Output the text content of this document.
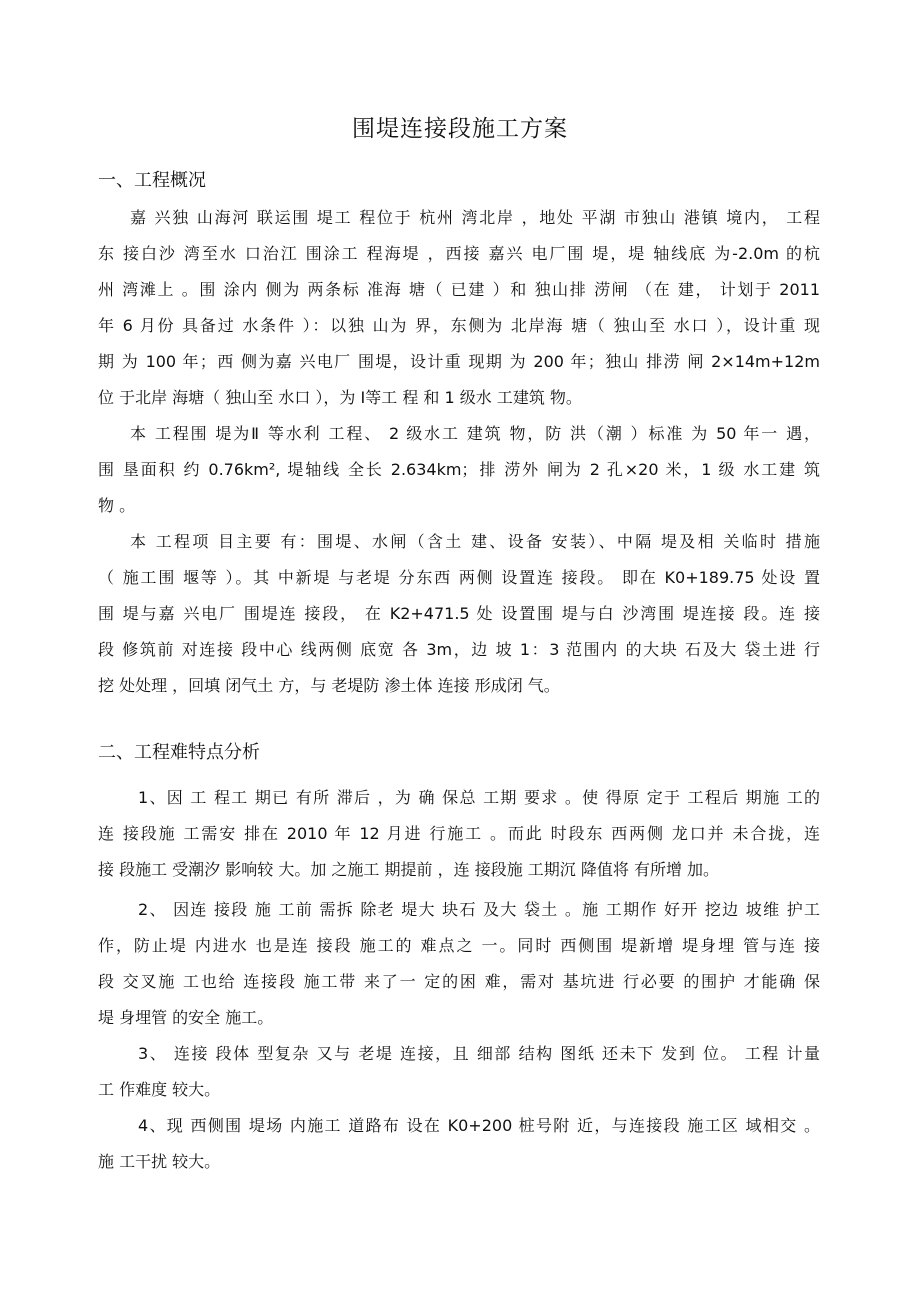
围堤连接段施工方案
一、工程概况
嘉 兴独 山海河 联运围 堤工 程位于 杭州 湾北岸 ，地处 平湖 市独山 港镇 境内， 工程
东 接白沙 湾至水 口治江 围涂工 程海堤 ，西接 嘉兴 电厂围 堤，堤 轴线底 为-2.0m 的杭
州 湾滩上 。围 涂内 侧为 两条标 准海 塘（ 已建 ）和 独山排 涝闸 （在 建， 计划于 2011
年 6 月份 具备过 水条件 ）：以独 山为 界，东侧为 北岸海 塘（ 独山至 水口 ），设计重 现
期 为 100 年；西 侧为嘉 兴电厂 围堤，设计重 现期 为 200 年；独山 排涝 闸 2×14m+12m
位 于北岸 海塘（ 独山至 水口 ），为 Ⅰ等工 程 和 1 级水 工建筑 物。
本 工程围 堤为Ⅱ 等水利 工程、 2 级水工 建筑 物，防 洪（潮 ）标准 为 50 年一 遇，
围 垦面积 约 0.76km², 堤轴线 全长 2.634km；排 涝外 闸为 2 孔×20 米，1 级 水工建 筑
物 。
本 工程项 目主要 有：围堤、水闸（含土 建、设备 安装）、中隔 堤及相 关临时 措施
（ 施工围 堰等 ）。其 中新堤 与老堤 分东西 两侧 设置连 接段。 即在 K0+189.75 处设 置
围 堤与嘉 兴电厂 围堤连 接段， 在 K2+471.5 处 设置围 堤与白 沙湾围 堤连接 段。连 接
段 修筑前 对连接 段中心 线两侧 底宽 各 3m，边 坡 1：3 范围内 的大块 石及大 袋土进 行
挖 处处理 ，回填 闭气土 方，与 老堤防 渗土体 连接 形成闭 气。
二、工程难特点分析
1、因 工 程工 期已 有所 滞后 ，为 确 保总 工期 要求 。使 得原 定于 工程后 期施 工的
连 接段施 工需安 排在 2010 年 12 月进 行施工 。而此 时段东 西两侧 龙口并 未合拢，连
接 段施工 受潮汐 影响较 大。加 之施工 期提前 ，连 接段施 工期沉 降值将 有所增 加。
2、 因连 接段 施 工前 需拆 除老 堤大 块石 及大 袋土 。施 工期作 好开 挖边 坡维 护工
作，防止堤 内进水 也是连 接段 施工的 难点之 一。同时 西侧围 堤新增 堤身埋 管与连 接
段 交叉施 工也给 连接段 施工带 来了一 定的困 难，需对 基坑进 行必要 的围护 才能确 保
堤 身埋管 的安全 施工。
3、 连接 段体 型复杂 又与 老堤 连接，且 细部 结构 图纸 还未下 发到 位。 工程 计量
工 作难度 较大。
4、现 西侧围 堤场 内施工 道路布 设在 K0+200 桩号附 近，与连接段 施工区 域相交 。
施 工干扰 较大。
